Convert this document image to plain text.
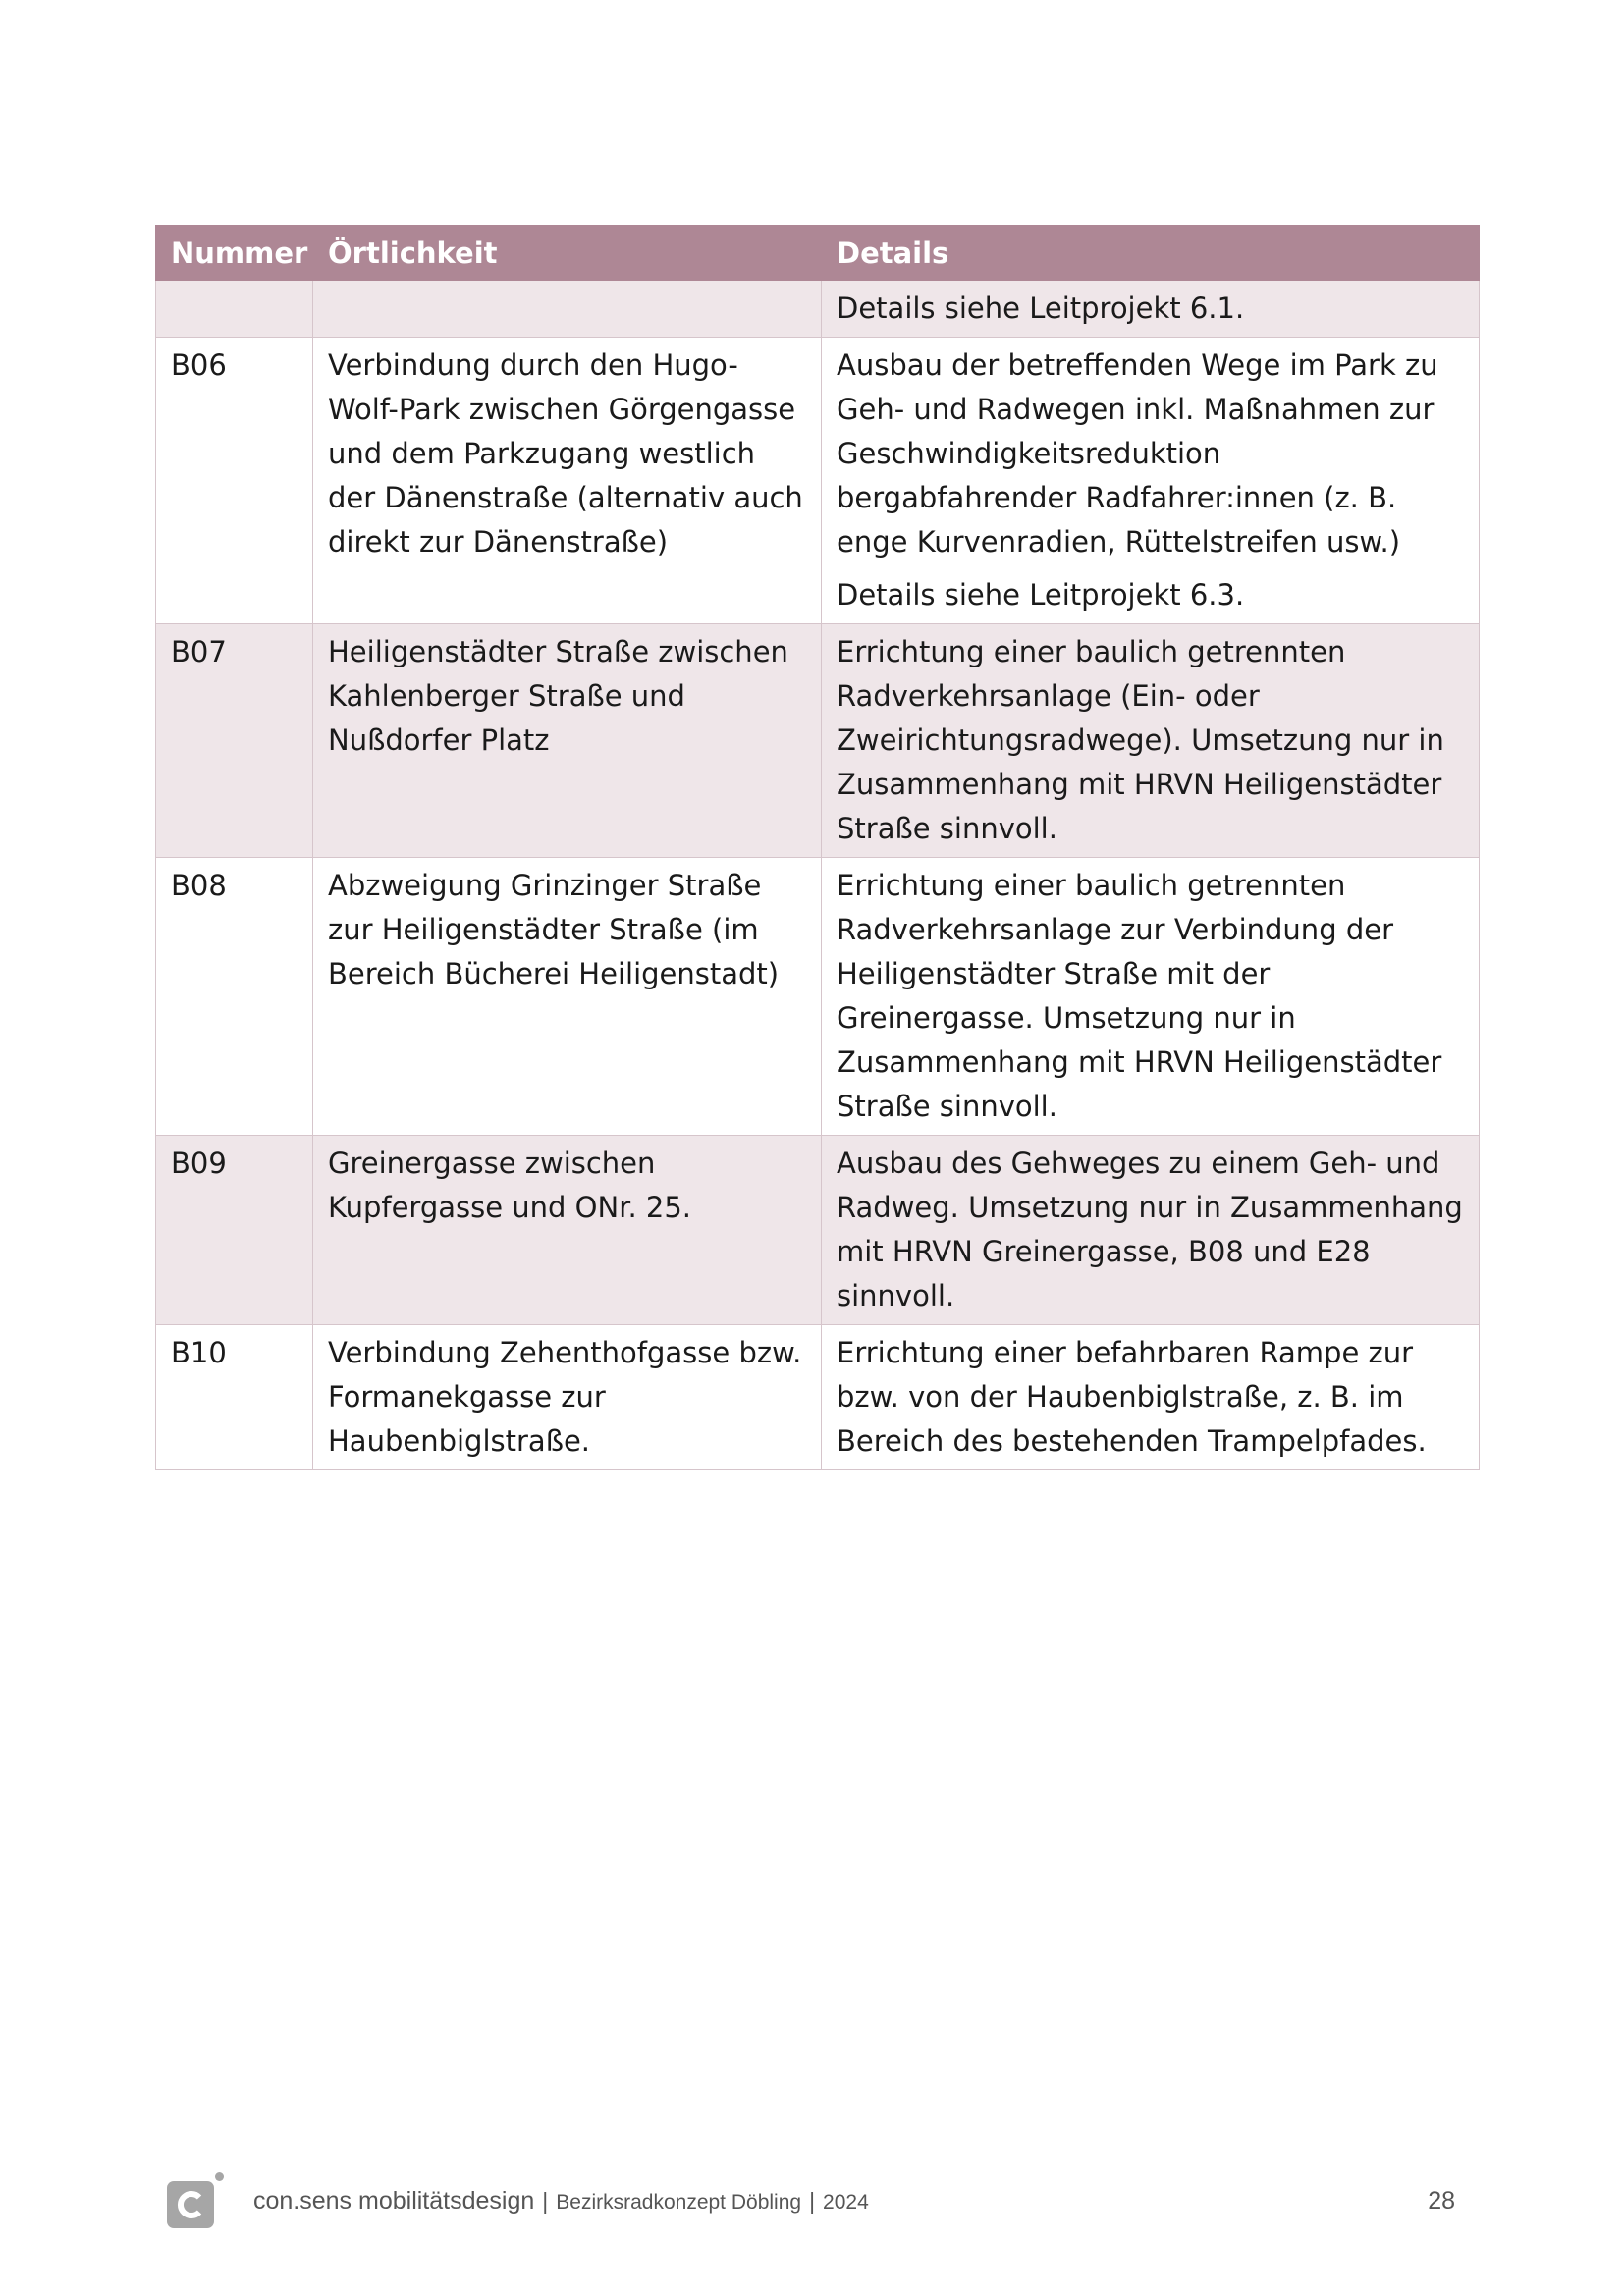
Nummer	Örtlichkeit	Details

		Details siehe Leitprojekt 6.1.

B06	Verbindung durch den Hugo-Wolf-Park zwischen Görgengasse und dem Parkzugang westlich der Dänenstraße (alternativ auch direkt zur Dänenstraße)	Ausbau der betreffenden Wege im Park zu Geh- und Radwegen inkl. Maßnahmen zur Geschwindigkeitsreduktion bergabfahrender Radfahrer:innen (z. B. enge Kurvenradien, Rüttelstreifen usw.)
Details siehe Leitprojekt 6.3.

B07	Heiligenstädter Straße zwischen Kahlenberger Straße und Nußdorfer Platz	Errichtung einer baulich getrennten Radverkehrsanlage (Ein- oder Zweirichtungsradwege). Umsetzung nur in Zusammenhang mit HRVN Heiligenstädter Straße sinnvoll.

B08	Abzweigung Grinzinger Straße zur Heiligenstädter Straße (im Bereich Bücherei Heiligenstadt)	Errichtung einer baulich getrennten Radverkehrsanlage zur Verbindung der Heiligenstädter Straße mit der Greinergasse. Umsetzung nur in Zusammenhang mit HRVN Heiligenstädter Straße sinnvoll.

B09	Greinergasse zwischen Kupfergasse und ONr. 25.	Ausbau des Gehweges zu einem Geh- und Radweg. Umsetzung nur in Zusammenhang mit HRVN Greinergasse, B08 und E28 sinnvoll.

B10	Verbindung Zehenthofgasse bzw. Formanekgasse zur Haubenbiglstraße.	Errichtung einer befahrbaren Rampe zur bzw. von der Haubenbiglstraße, z. B. im Bereich des bestehenden Trampelpfades.
con.sens mobilitätsdesign | Bezirksradkonzept Döbling | 2024	28
